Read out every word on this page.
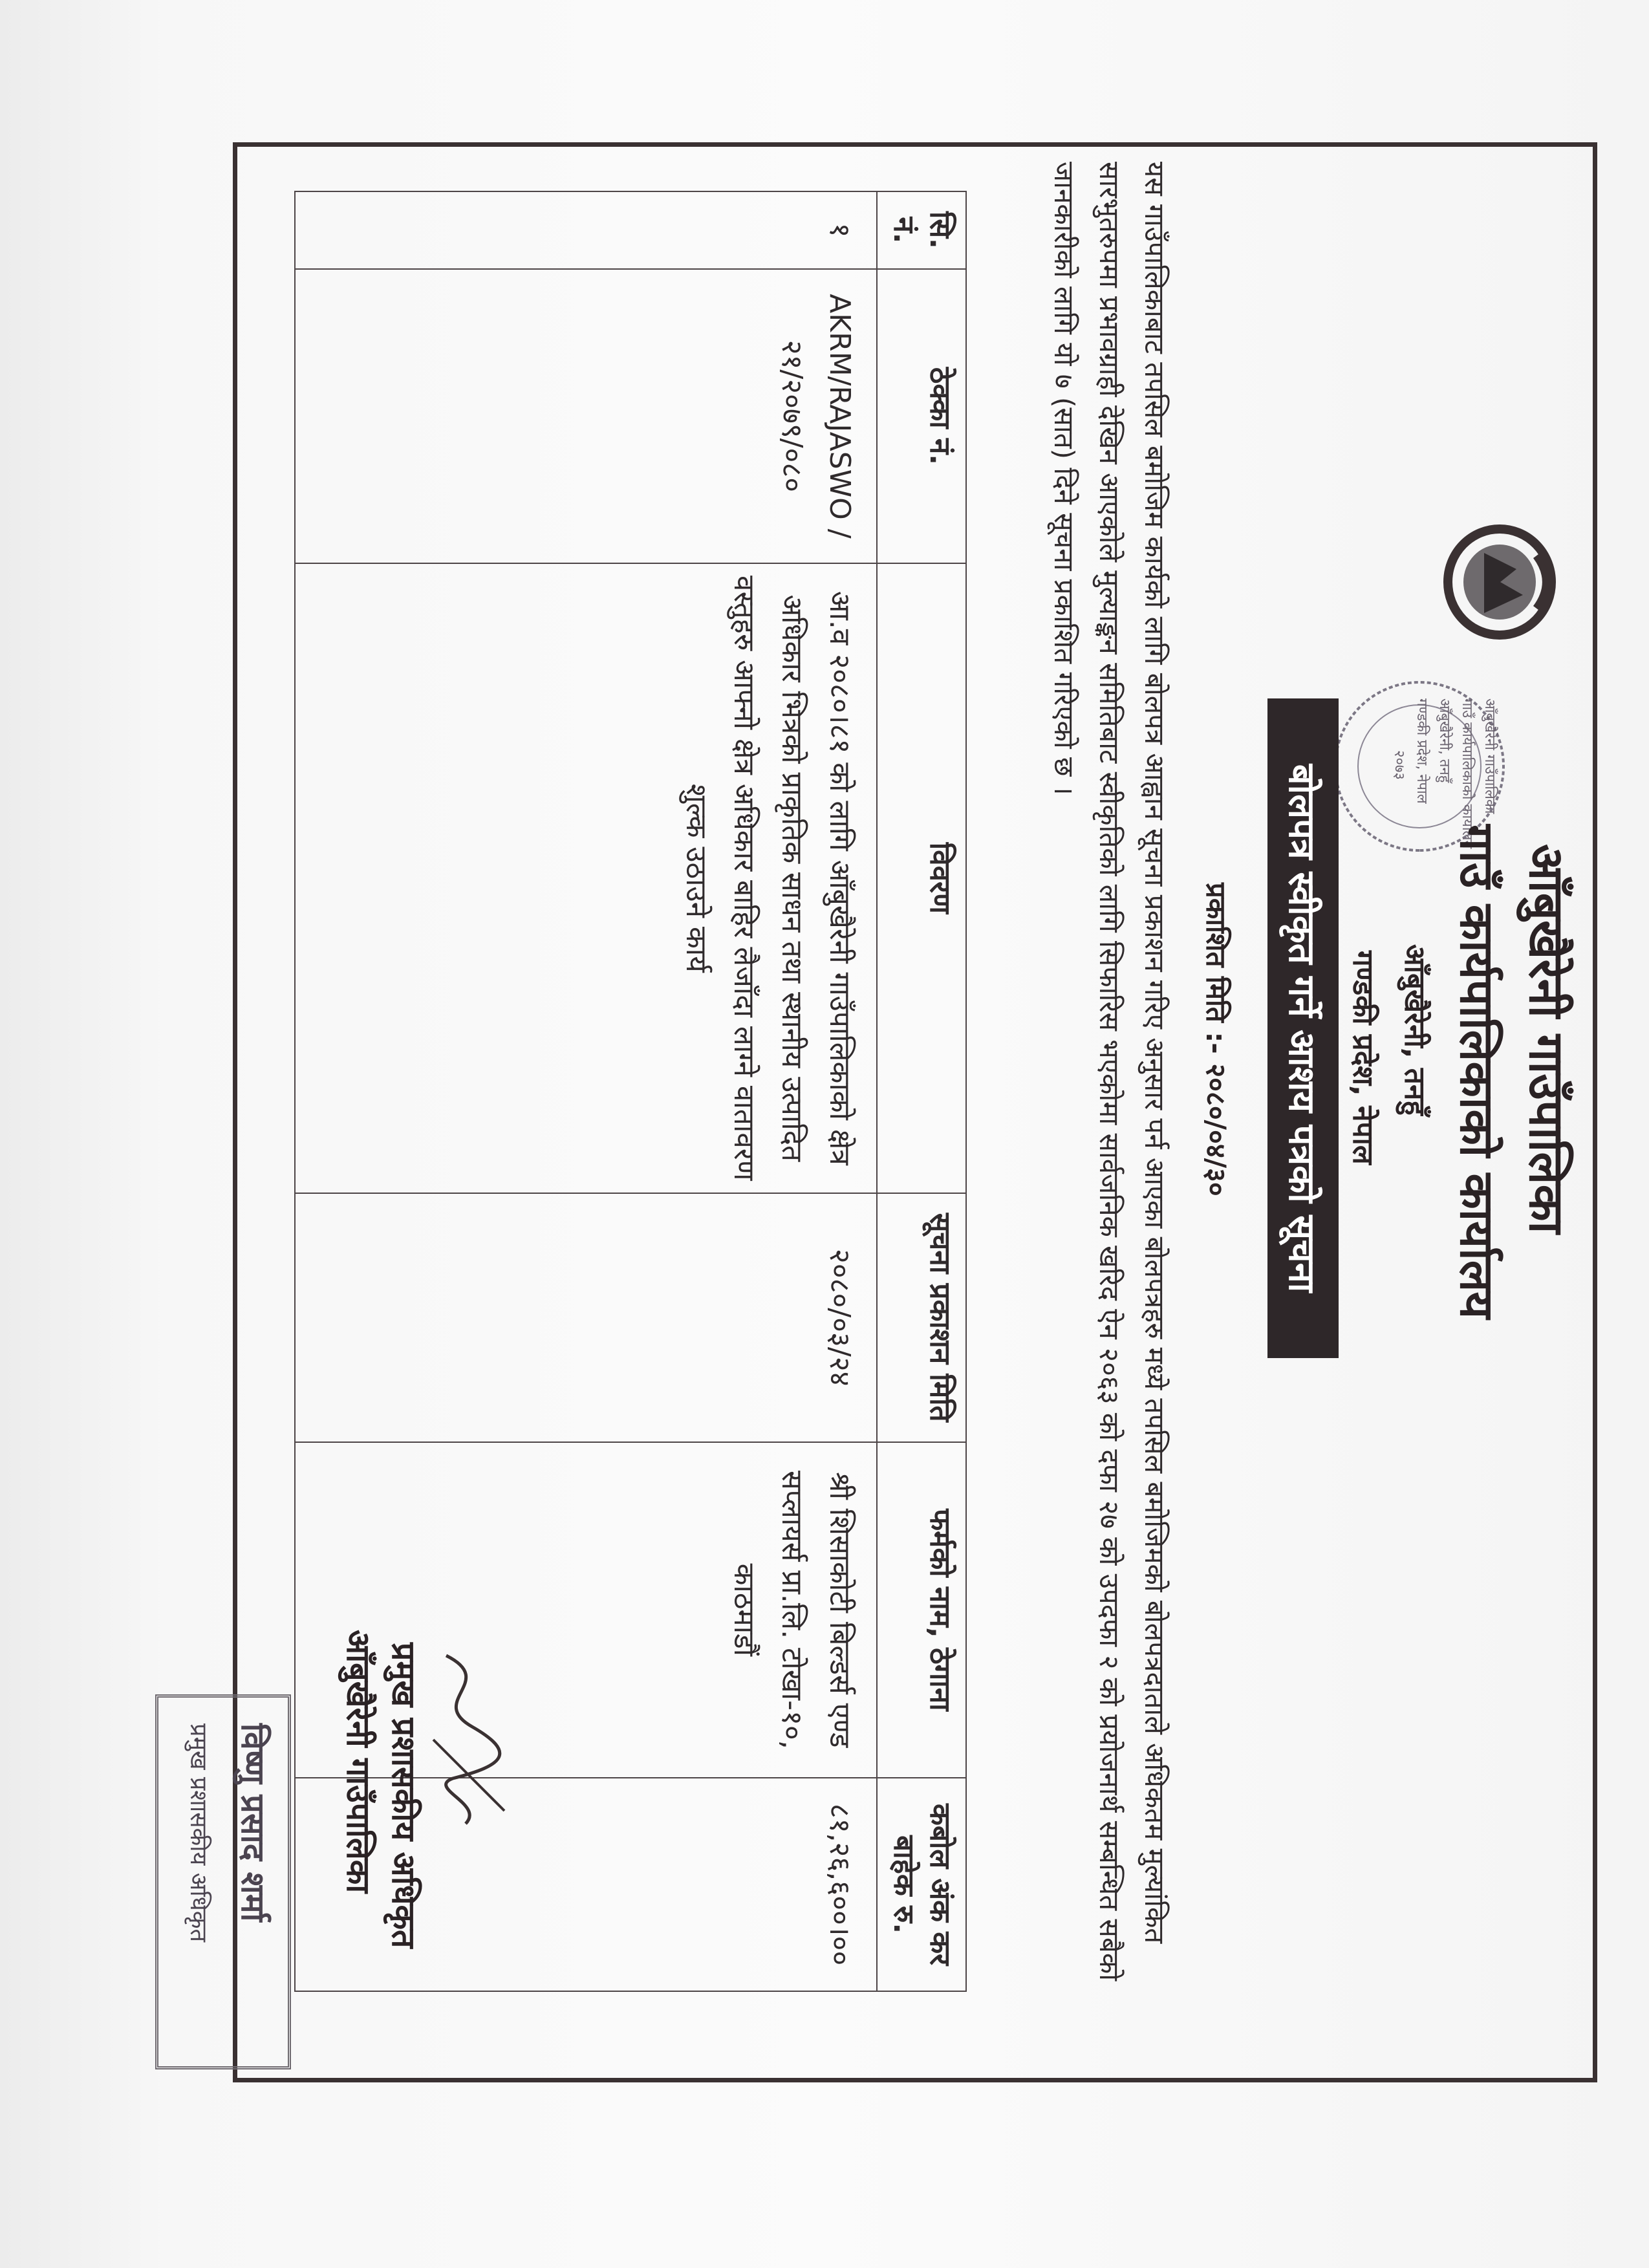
आँबुखैरेनी गाउँपालिका
गाउँ कार्यपालिकाको कार्यालय
आँबुखैरेनी, तनहुँ
गण्डकी प्रदेश, नेपाल
२०७३
आँबुखैरेनी गाउँपालिका
गाउँ कार्यपालिकाको कार्यालय
आँबुखैरेनी, तनहुँ
गण्डकी प्रदेश, नेपाल
बोलपत्र स्वीकृत गर्ने आशय पत्रको सूचना
प्रकाशित मिति :- २०८०/०४/३०
यस गाउँपालिकाबाट तपसिल बमोजिम कार्यको लागि बोलपत्र आह्वान सूचना प्रकाशन गरिए अनुसार पर्न आएका बोलपत्रहरु मध्ये तपसिल बमोजिमको बोलपत्रदाताले अधिकतम मुल्यांकित सारभुतरुपमा प्रभावग्राही देखिन आएकोले मुल्याङ्कन समितिबाट स्वीकृतिको लागि सिफारिस भएकोमा सार्वजनिक खरिद ऐन २०६३ को दफा २७ को उपदफा २ को प्रयोजनार्थ सम्बन्धित सबैको जानकारीको लागि यो ७ (सात) दिने सूचना प्रकाशित गरिएको छ ।
सि. नं.	ठेक्का नं.	विवरण	सूचना प्रकाशन मिति	फर्मको नाम, ठेगाना	कबोल अंक कर बाहेक रु.
१	AKRM/RAJASWO /२१/२०७९/०८०	आ.व २०८०।८१ को लागि आँबुखैरेनी गाउँपालिकाको क्षेत्र अधिकार भित्रको प्राकृतिक साधन तथा स्थानीय उत्पादित वस्तुहरु आफ्नो क्षेत्र अधिकार बाहिर लैजाँदा लाग्ने वातावरण शुल्क उठाउने कार्य	२०८०/०३/२४	श्री शिसाकोटी बिल्डर्स एण्ड सप्लायर्स प्रा.लि. टोखा-१०, काठमाडौं	८१,२६,६००।००
प्रमुख प्रशासकीय अधिकृत
आँबुखैरेनी गाउँपालिका
विष्णु प्रसाद शर्मा
प्रमुख प्रशासकीय अधिकृत
